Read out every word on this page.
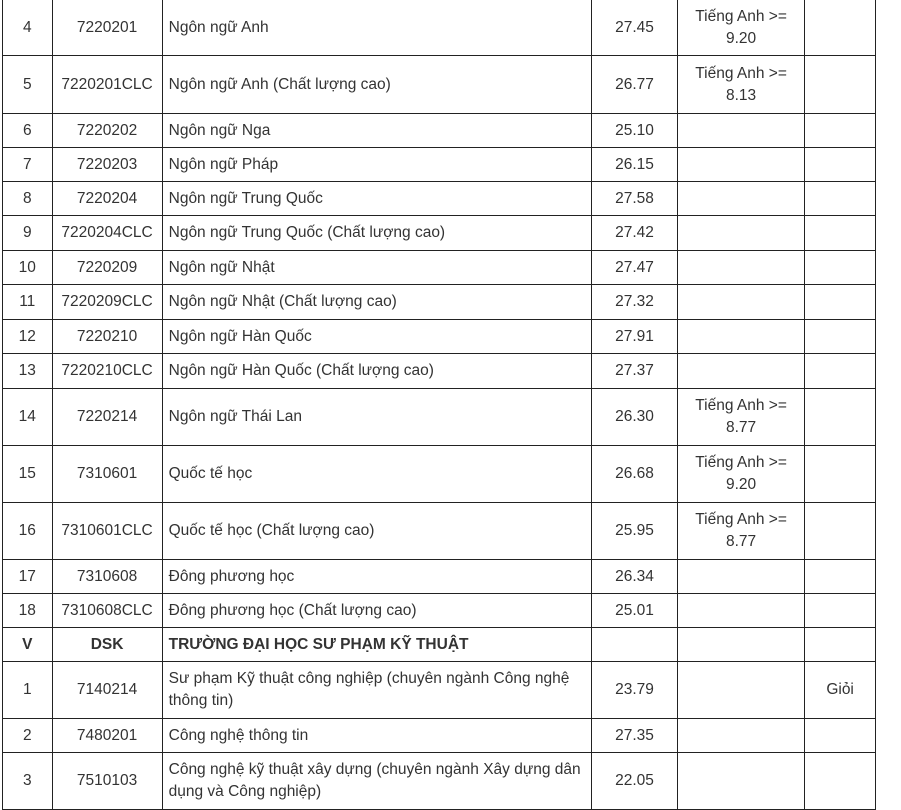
4	7220201	Ngôn ngữ Anh	27.45	Tiếng Anh >= 9.20	
5	7220201CLC	Ngôn ngữ Anh (Chất lượng cao)	26.77	Tiếng Anh >= 8.13	
6	7220202	Ngôn ngữ Nga	25.10		
7	7220203	Ngôn ngữ Pháp	26.15		
8	7220204	Ngôn ngữ Trung Quốc	27.58		
9	7220204CLC	Ngôn ngữ Trung Quốc (Chất lượng cao)	27.42		
10	7220209	Ngôn ngữ Nhật	27.47		
11	7220209CLC	Ngôn ngữ Nhật (Chất lượng cao)	27.32		
12	7220210	Ngôn ngữ Hàn Quốc	27.91		
13	7220210CLC	Ngôn ngữ Hàn Quốc (Chất lượng cao)	27.37		
14	7220214	Ngôn ngữ Thái Lan	26.30	Tiếng Anh >= 8.77	
15	7310601	Quốc tế học	26.68	Tiếng Anh >= 9.20	
16	7310601CLC	Quốc tế học (Chất lượng cao)	25.95	Tiếng Anh >= 8.77	
17	7310608	Đông phương học	26.34		
18	7310608CLC	Đông phương học (Chất lượng cao)	25.01		
V	DSK	TRƯỜNG ĐẠI HỌC SƯ PHẠM KỸ THUẬT			
1	7140214	Sư phạm Kỹ thuật công nghiệp (chuyên ngành Công nghệ thông tin)	23.79		Giỏi
2	7480201	Công nghệ thông tin	27.35		
3	7510103	Công nghệ kỹ thuật xây dựng (chuyên ngành Xây dựng dân dụng và Công nghiệp)	22.05		
